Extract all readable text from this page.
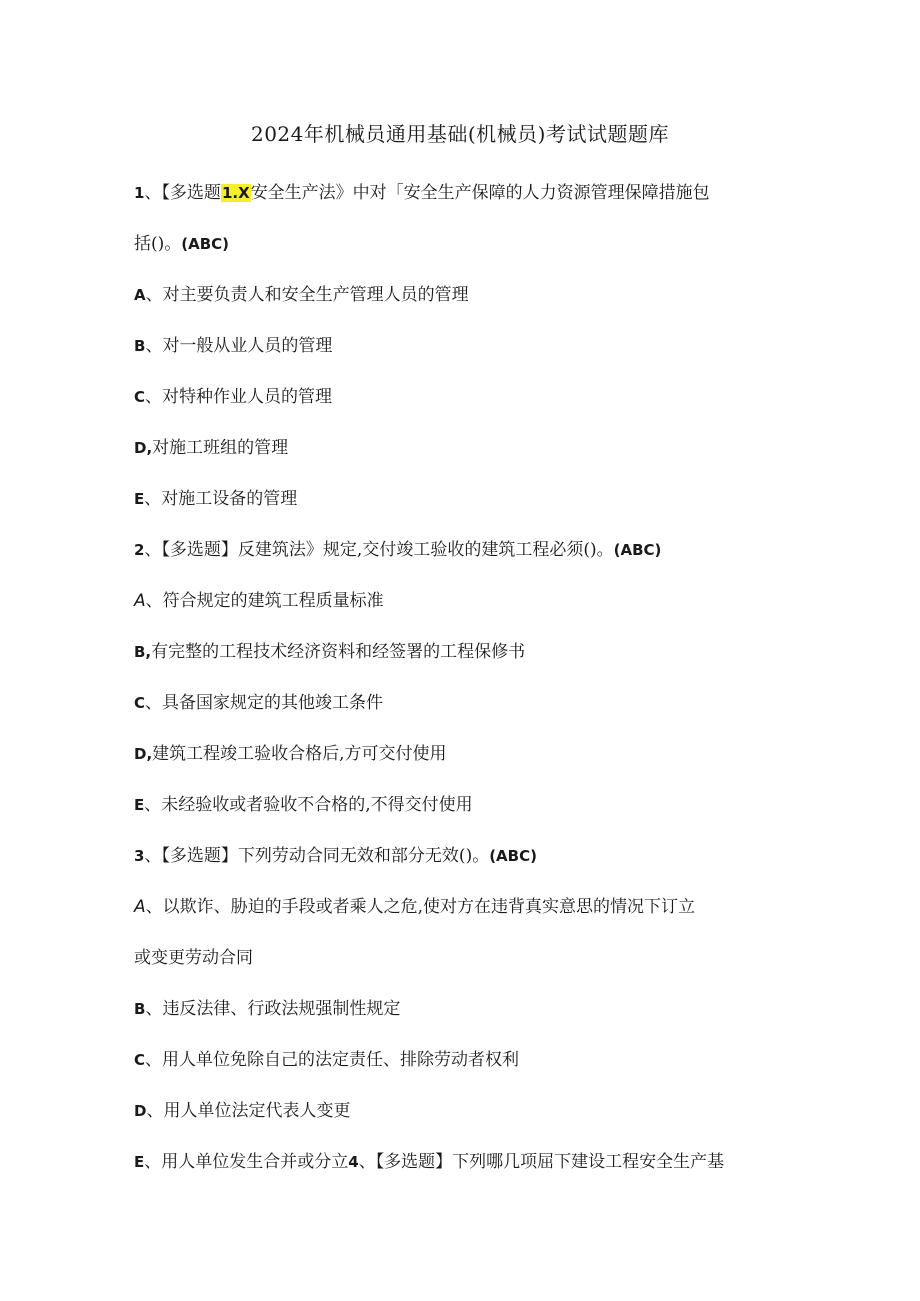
2024年机械员通用基础(机械员)考试试题题库
1、【多选题1.X安全生产法》中对「安全生产保障的人力资源管理保障措施包
括()。(ABC)
A、对主要负责人和安全生产管理人员的管理
B、对一般从业人员的管理
C、对特种作业人员的管理
D,对施工班组的管理
E、对施工设备的管理
2、【多选题】反建筑法》规定,交付竣工验收的建筑工程必须()。(ABC)
A、符合规定的建筑工程质量标准
B,有完整的工程技术经济资料和经签署的工程保修书
C、具备国家规定的其他竣工条件
D,建筑工程竣工验收合格后,方可交付使用
E、未经验收或者验收不合格的,不得交付使用
3、【多选题】下列劳动合同无效和部分无效()。(ABC)
A、以欺诈、胁迫的手段或者乘人之危,使对方在违背真实意思的情况下订立
或变更劳动合同
B、违反法律、行政法规强制性规定
C、用人单位免除自己的法定责任、排除劳动者权利
D、用人单位法定代表人变更
E、用人单位发生合并或分立4、【多选题】下列哪几项屈下建设工程安全生产基
